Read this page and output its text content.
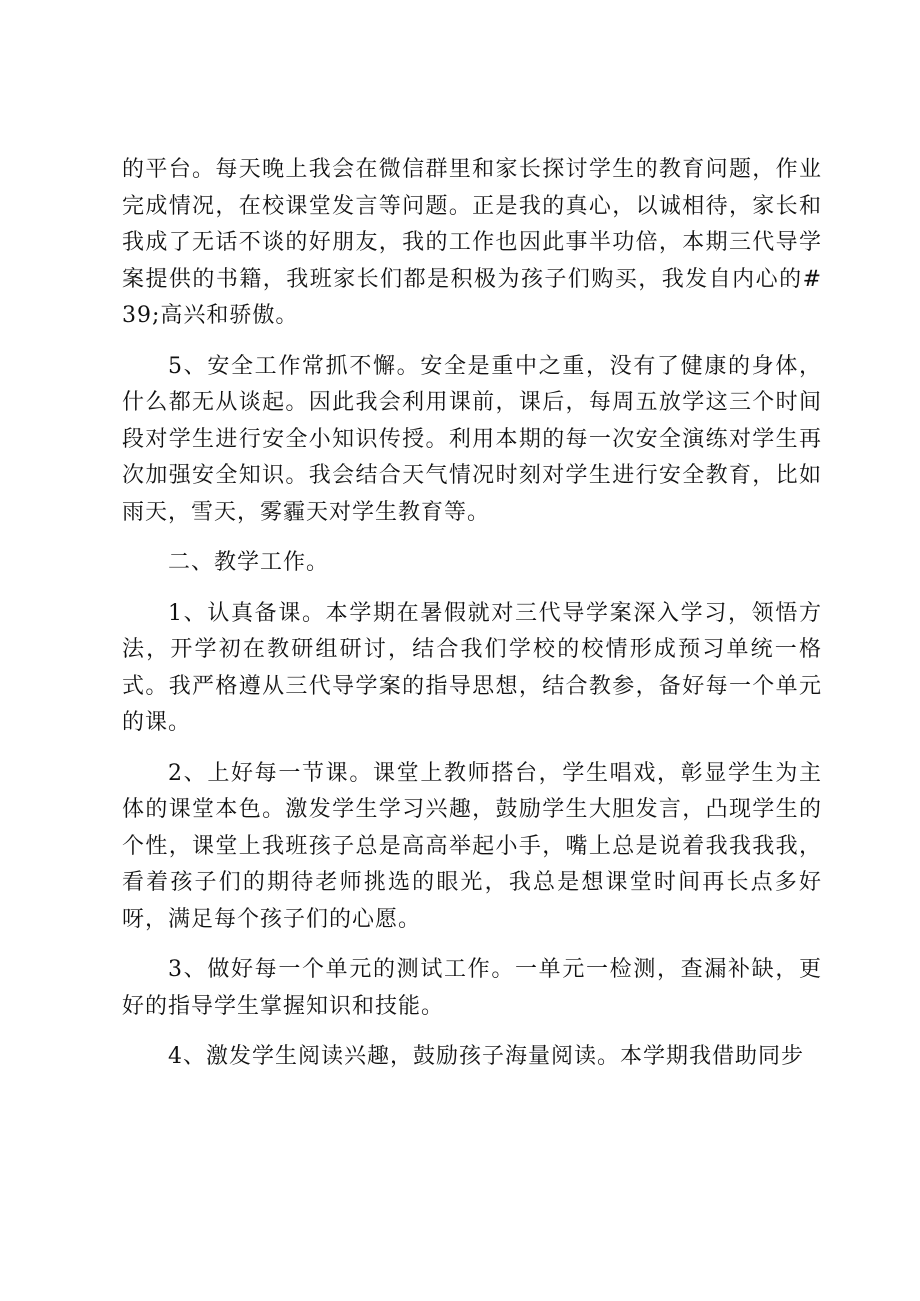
的平台。每天晚上我会在微信群里和家长探讨学生的教育问题，作业完成情况，在校课堂发言等问题。正是我的真心，以诚相待，家长和我成了无话不谈的好朋友，我的工作也因此事半功倍，本期三代导学案提供的书籍，我班家长们都是积极为孩子们购买，我发自内心的#39;高兴和骄傲。

5、安全工作常抓不懈。安全是重中之重，没有了健康的身体，什么都无从谈起。因此我会利用课前，课后，每周五放学这三个时间段对学生进行安全小知识传授。利用本期的每一次安全演练对学生再次加强安全知识。我会结合天气情况时刻对学生进行安全教育，比如雨天，雪天，雾霾天对学生教育等。

二、教学工作。

1、认真备课。本学期在暑假就对三代导学案深入学习，领悟方法，开学初在教研组研讨，结合我们学校的校情形成预习单统一格式。我严格遵从三代导学案的指导思想，结合教参，备好每一个单元的课。

2、上好每一节课。课堂上教师搭台，学生唱戏，彰显学生为主体的课堂本色。激发学生学习兴趣，鼓励学生大胆发言，凸现学生的个性，课堂上我班孩子总是高高举起小手，嘴上总是说着我我我我，看着孩子们的期待老师挑选的眼光，我总是想课堂时间再长点多好呀，满足每个孩子们的心愿。

3、做好每一个单元的测试工作。一单元一检测，查漏补缺，更好的指导学生掌握知识和技能。

4、激发学生阅读兴趣，鼓励孩子海量阅读。本学期我借助同步
